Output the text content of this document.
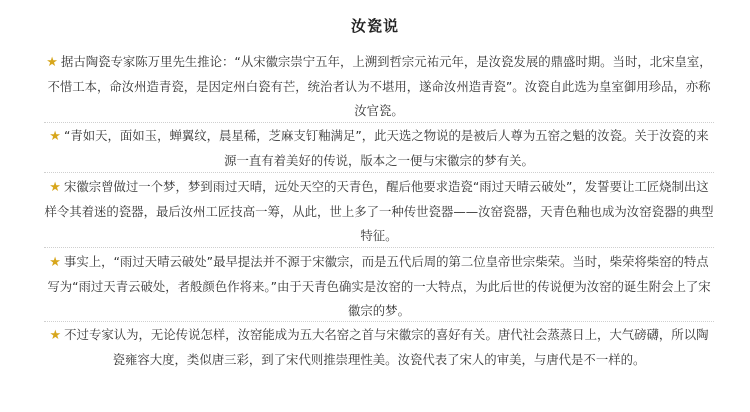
汝瓷说
★ 据古陶瓷专家陈万里先生推论：“从宋徽宗崇宁五年，上溯到哲宗元祐元年，是汝瓷发展的鼎盛时期。当时，北宋皇室，不惜工本，命汝州造青瓷，是因定州白瓷有芒，统治者认为不堪用，遂命汝州造青瓷”。汝瓷自此选为皇室御用珍品，亦称汝官瓷。
★ “青如天，面如玉，蝉翼纹，晨星稀，芝麻支钉釉满足”，此天选之物说的是被后人尊为五窑之魁的汝瓷。关于汝瓷的来源一直有着美好的传说，版本之一便与宋徽宗的梦有关。
★ 宋徽宗曾做过一个梦，梦到雨过天晴，远处天空的天青色，醒后他要求造瓷“雨过天晴云破处”，发誓要让工匠烧制出这样令其着迷的瓷器，最后汝州工匠技高一筹，从此，世上多了一种传世瓷器——汝窑瓷器，天青色釉也成为汝窑瓷器的典型特征。
★ 事实上，“雨过天晴云破处”最早提法并不源于宋徽宗，而是五代后周的第二位皇帝世宗柴荣。当时，柴荣将柴窑的特点写为“雨过天青云破处，者般颜色作将来。”由于天青色确实是汝窑的一大特点，为此后世的传说便为汝窑的诞生附会上了宋徽宗的梦。
★ 不过专家认为，无论传说怎样，汝窑能成为五大名窑之首与宋徽宗的喜好有关。唐代社会蒸蒸日上，大气磅礴，所以陶瓷雍容大度，类似唐三彩，到了宋代则推崇理性美。汝瓷代表了宋人的审美，与唐代是不一样的。
